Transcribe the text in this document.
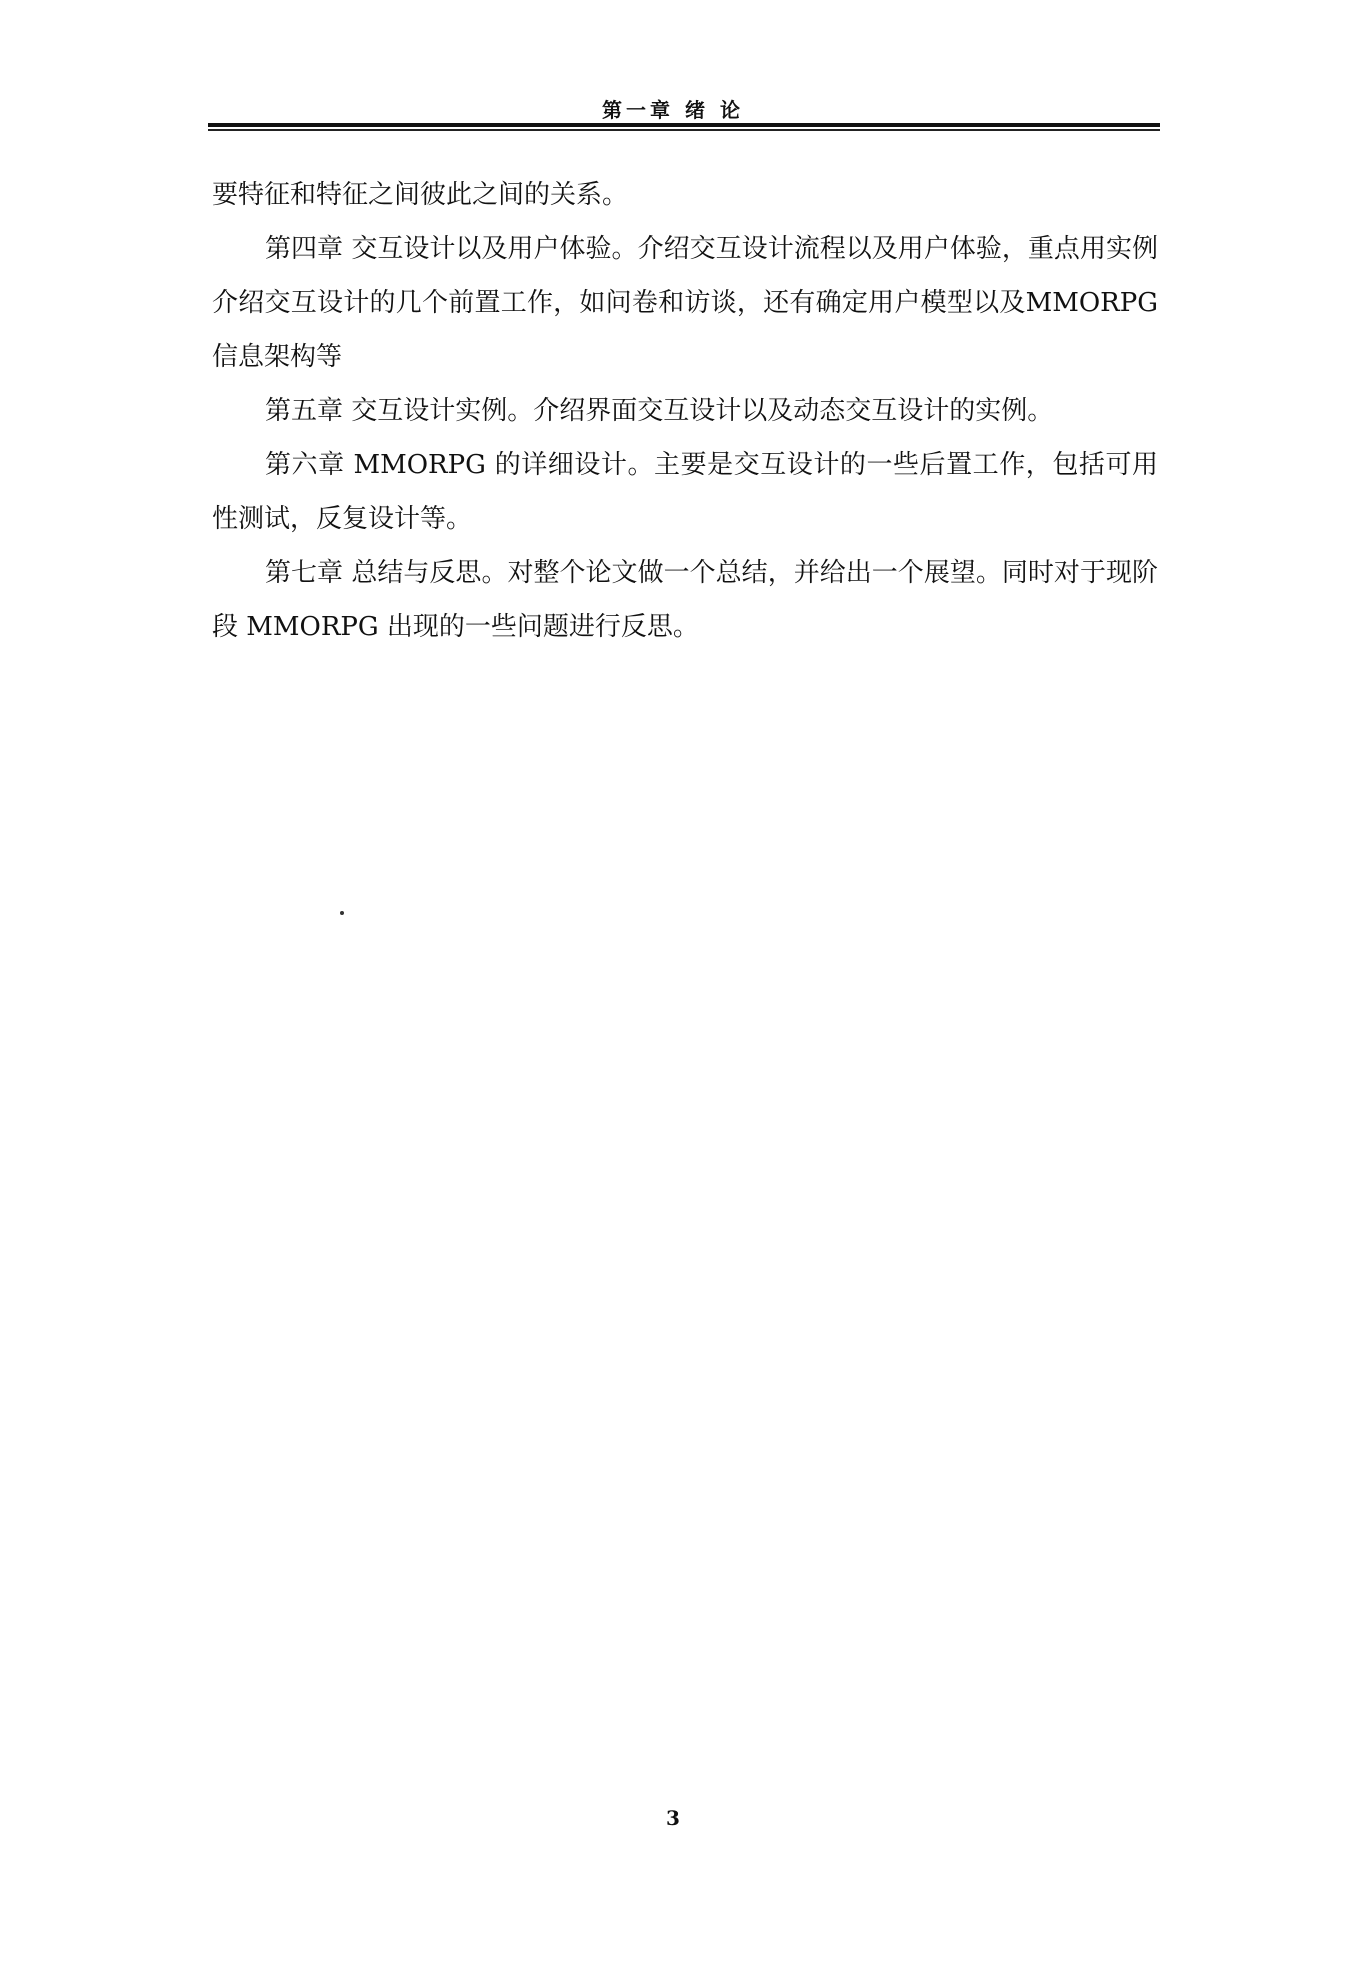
第一章 绪 论

要特征和特征之间彼此之间的关系。

第四章 交互设计以及用户体验。介绍交互设计流程以及用户体验，重点用实例介绍交互设计的几个前置工作，如问卷和访谈，还有确定用户模型以及MMORPG信息架构等

第五章 交互设计实例。介绍界面交互设计以及动态交互设计的实例。

第六章 MMORPG 的详细设计。主要是交互设计的一些后置工作，包括可用性测试，反复设计等。

第七章 总结与反思。对整个论文做一个总结，并给出一个展望。同时对于现阶段 MMORPG 出现的一些问题进行反思。

3
